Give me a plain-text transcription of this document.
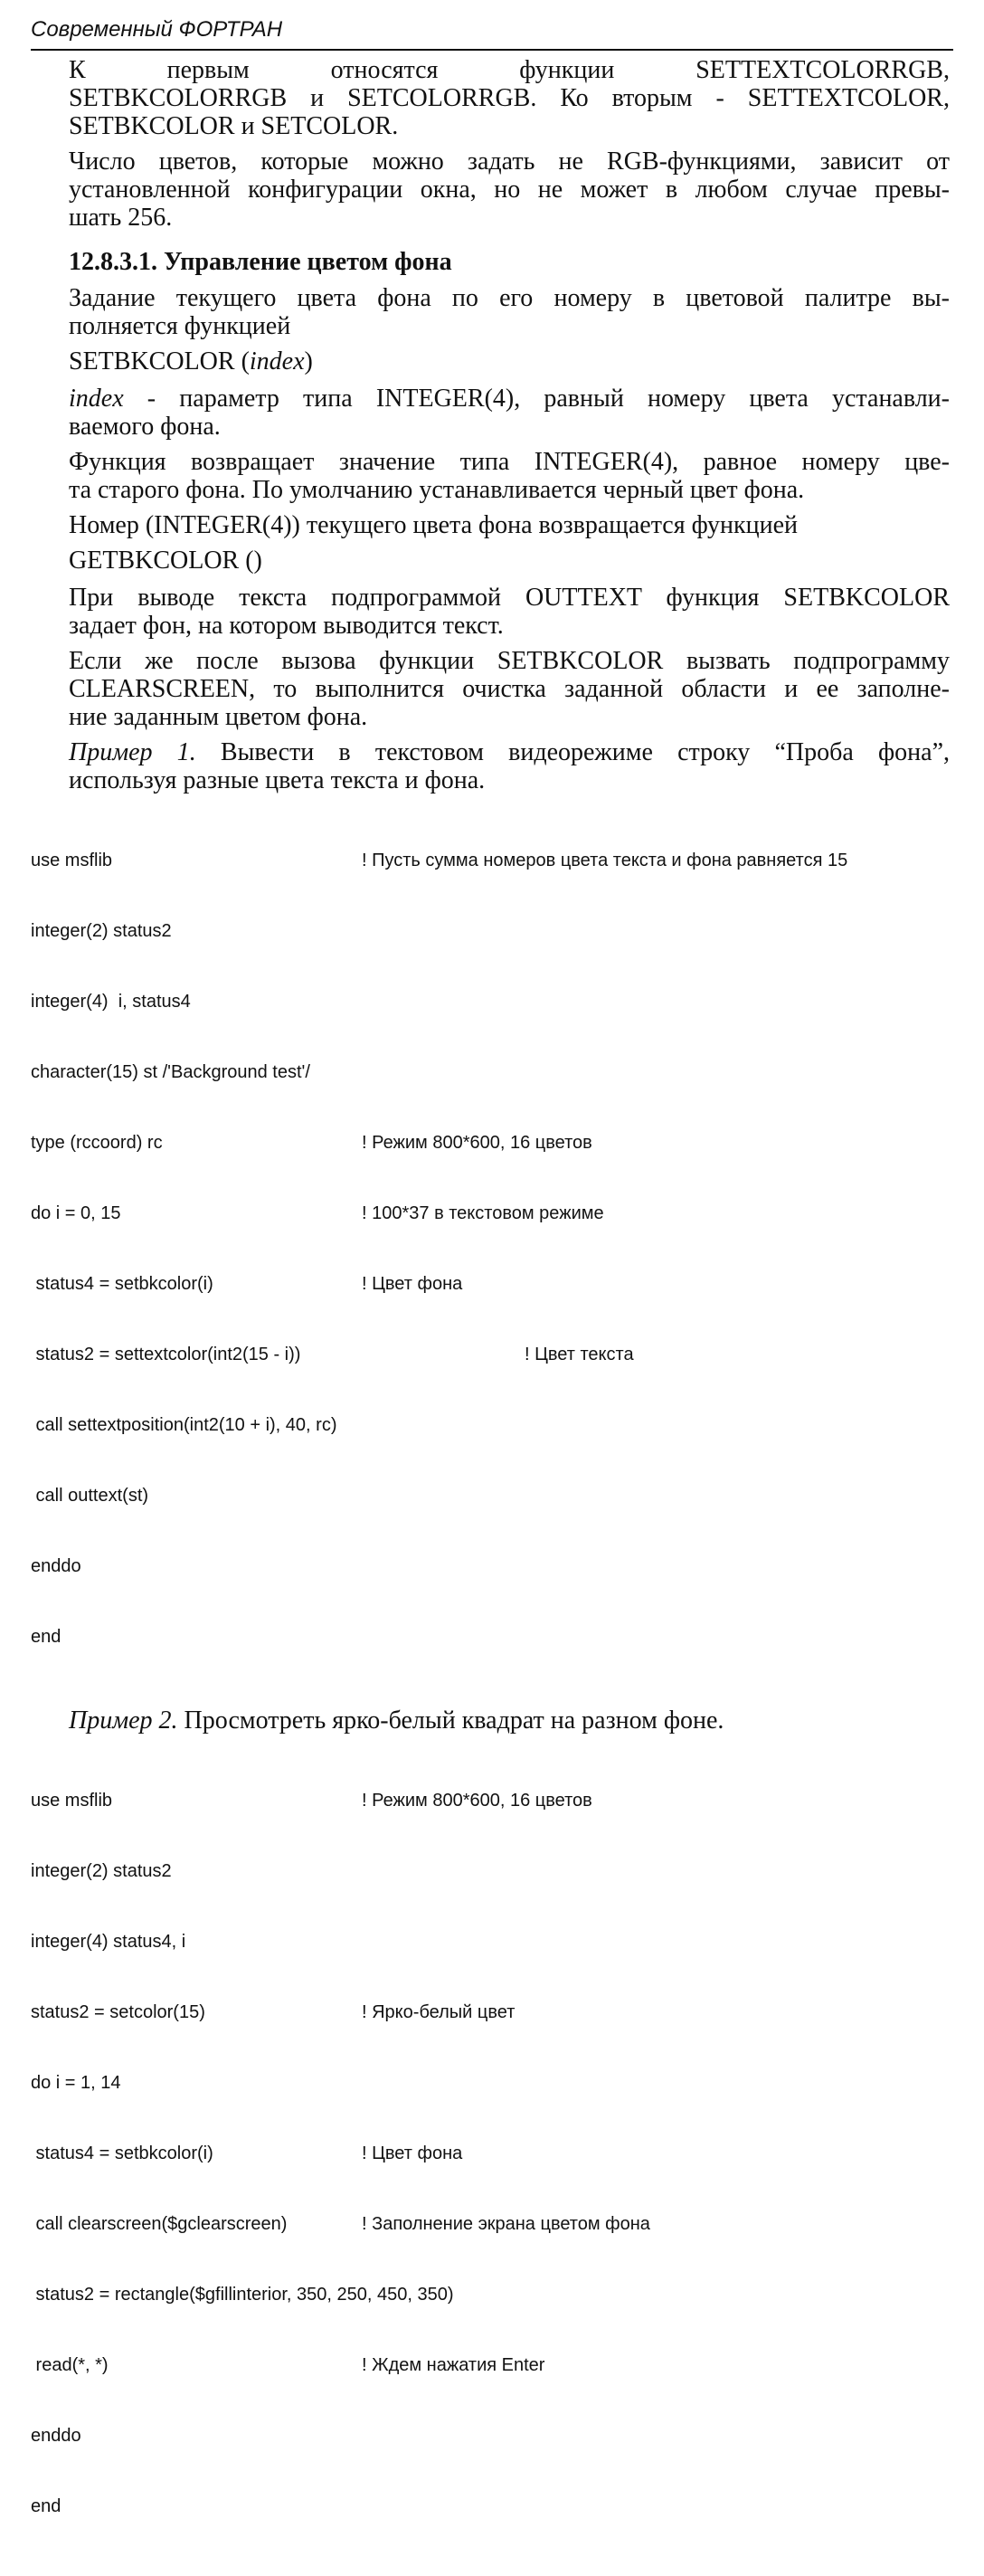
Современный ФОРТРАН
К первым относятся функции SETTEXTCOLORRGB,
SETBKCOLORRGB и SETCOLORRGB. Ко вторым - SETTEXTCOLOR,
SETBKCOLOR и SETCOLOR.
Число цветов, которые можно задать не RGB-функциями, зависит от
установленной конфигурации окна, но не может в любом случае превы-
шать 256.
12.8.3.1. Управление цветом фона
Задание текущего цвета фона по его номеру в цветовой палитре вы-
полняется функцией
SETBKCOLOR (index)
index - параметр типа INTEGER(4), равный номеру цвета устанавли-
ваемого фона.
Функция возвращает значение типа INTEGER(4), равное номеру цве-
та старого фона. По умолчанию устанавливается черный цвет фона.
Номер (INTEGER(4)) текущего цвета фона возвращается функцией
GETBKCOLOR ()
При выводе текста подпрограммой OUTTEXT функция SETBKCOLOR
задает фон, на котором выводится текст.
Если же после вызова функции SETBKCOLOR вызвать подпрограмму
CLEARSCREEN, то выполнится очистка заданной области и ее заполне-
ние заданным цветом фона.
Пример 1. Вывести в текстовом видеорежиме строку “Проба фона”,
используя разные цвета текста и фона.

use msflib	! Пусть сумма номеров цвета текста и фона равняется 15

integer(2) status2

integer(4)  i, status4

character(15) st /'Background test'/

type (rccoord) rc	! Режим 800*600, 16 цветов

do i = 0, 15	! 100*37 в текстовом режиме

status4 = setbkcolor(i)	! Цвет фона

status2 = settextcolor(int2(15 - i))	! Цвет текста

call settextposition(int2(10 + i), 40, rc)

call outtext(st)

enddo

end

Пример 2. Просмотреть ярко-белый квадрат на разном фоне.

use msflib	! Режим 800*600, 16 цветов

integer(2) status2

integer(4) status4, i

status2 = setcolor(15)	! Ярко-белый цвет

do i = 1, 14

status4 = setbkcolor(i)	! Цвет фона

call clearscreen($gclearscreen)	! Заполнение экрана цветом фона

status2 = rectangle($gfillinterior, 350, 250, 450, 350)

read(*, *)	! Ждем нажатия Enter

enddo

end
